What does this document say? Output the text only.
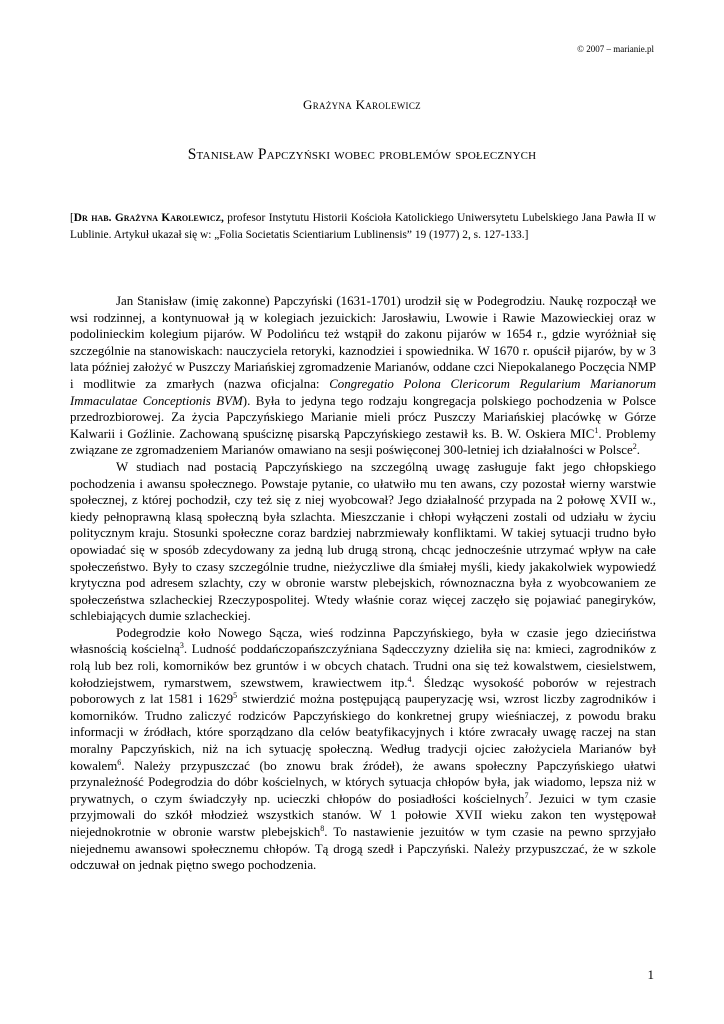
© 2007 – marianie.pl
Grażyna Karolewicz
Stanisław Papczyński wobec problemów społecznych
[Dr hab. Grażyna Karolewicz, profesor Instytutu Historii Kościoła Katolickiego Uniwersytetu Lubelskiego Jana Pawła II w Lublinie. Artykuł ukazał się w: „Folia Societatis Scientiarium Lublinensis” 19 (1977) 2, s. 127-133.]

Jan Stanisław (imię zakonne) Papczyński (1631-1701) urodził się w Podegrodziu. Naukę rozpoczął we wsi rodzinnej, a kontynuował ją w kolegiach jezuickich: Jarosławiu, Lwowie i Rawie Mazowieckiej oraz w podolinieckim kolegium pijarów. W Podolińcu też wstąpił do zakonu pijarów w 1654 r., gdzie wyróżniał się szczególnie na stanowiskach: nauczyciela retoryki, kaznodziei i spowiednika. W 1670 r. opuścił pijarów, by w 3 lata później założyć w Puszczy Mariańskiej zgromadzenie Marianów, oddane czci Niepokalanego Poczęcia NMP i modlitwie za zmarłych (nazwa oficjalna: Congregatio Polona Clericorum Regularium Marianorum Immaculatae Conceptionis BVM). Była to jedyna tego rodzaju kongregacja polskiego pochodzenia w Polsce przedrozbiorowej. Za życia Papczyńskiego Marianie mieli prócz Puszczy Mariańskiej placówkę w Górze Kalwarii i Goźlinie. Zachowaną spuściznę pisarską Papczyńskiego zestawił ks. B. W. Oskiera MIC$^1$. Problemy związane ze zgromadzeniem Marianów omawiano na sesji poświęconej 300-letniej ich działalności w Polsce$^2$.

W studiach nad postacią Papczyńskiego na szczególną uwagę zasługuje fakt jego chłopskiego pochodzenia i awansu społecznego. Powstaje pytanie, co ułatwiło mu ten awans, czy pozostał wierny warstwie społecznej, z której pochodził, czy też się z niej wyobcował? Jego działalność przypada na 2 połowę XVII w., kiedy pełnoprawną klasą społeczną była szlachta. Mieszczanie i chłopi wyłączeni zostali od udziału w życiu politycznym kraju. Stosunki społeczne coraz bardziej nabrzmiewały konfliktami. W takiej sytuacji trudno było opowiadać się w sposób zdecydowany za jedną lub drugą stroną, chcąc jednocześnie utrzymać wpływ na całe społeczeństwo. Były to czasy szczególnie trudne, nieżyczliwe dla śmiałej myśli, kiedy jakakolwiek wypowiedź krytyczna pod adresem szlachty, czy w obronie warstw plebejskich, równoznaczna była z wyobcowaniem ze społeczeństwa szlacheckiej Rzeczypospolitej. Wtedy właśnie coraz więcej zaczęło się pojawiać panegiryków, schlebiających dumie szlacheckiej.

Podegrodzie koło Nowego Sącza, wieś rodzinna Papczyńskiego, była w czasie jego dzieciństwa własnością kościelną$^3$. Ludność poddańczopańszczyźniana Sądecczyzny dzieliła się na: kmieci, zagrodników z rolą lub bez roli, komorników bez gruntów i w obcych chatach. Trudni ona się też kowalstwem, ciesielstwem, kołodziejstwem, rymarstwem, szewstwem, krawiectwem itp.$^4$. Śledząc wysokość poborów w rejestrach poborowych z lat 1581 i 1629$^5$ stwierdzić można postępującą pauperyzację wsi, wzrost liczby zagrodników i komorników. Trudno zaliczyć rodziców Papczyńskiego do konkretnej grupy wieśniaczej, z powodu braku informacji w źródłach, które sporządzano dla celów beatyfikacyjnych i które zwracały uwagę raczej na stan moralny Papczyńskich, niż na ich sytuację społeczną. Według tradycji ojciec założyciela Marianów był kowalem$^6$. Należy przypuszczać (bo znowu brak źródeł), że awans społeczny Papczyńskiego ułatwi przynależność Podegrodzia do dóbr kościelnych, w których sytuacja chłopów była, jak wiadomo, lepsza niż w prywatnych, o czym świadczyły np. ucieczki chłopów do posiadłości kościelnych$^7$. Jezuici w tym czasie przyjmowali do szkół młodzież wszystkich stanów. W 1 połowie XVII wieku zakon ten występował niejednokrotnie w obronie warstw plebejskich$^8$. To nastawienie jezuitów w tym czasie na pewno sprzyjało niejednemu awansowi społecznemu chłopów. Tą drogą szedł i Papczyński. Należy przypuszczać, że w szkole odczuwał on jednak piętno swego pochodzenia.

1
